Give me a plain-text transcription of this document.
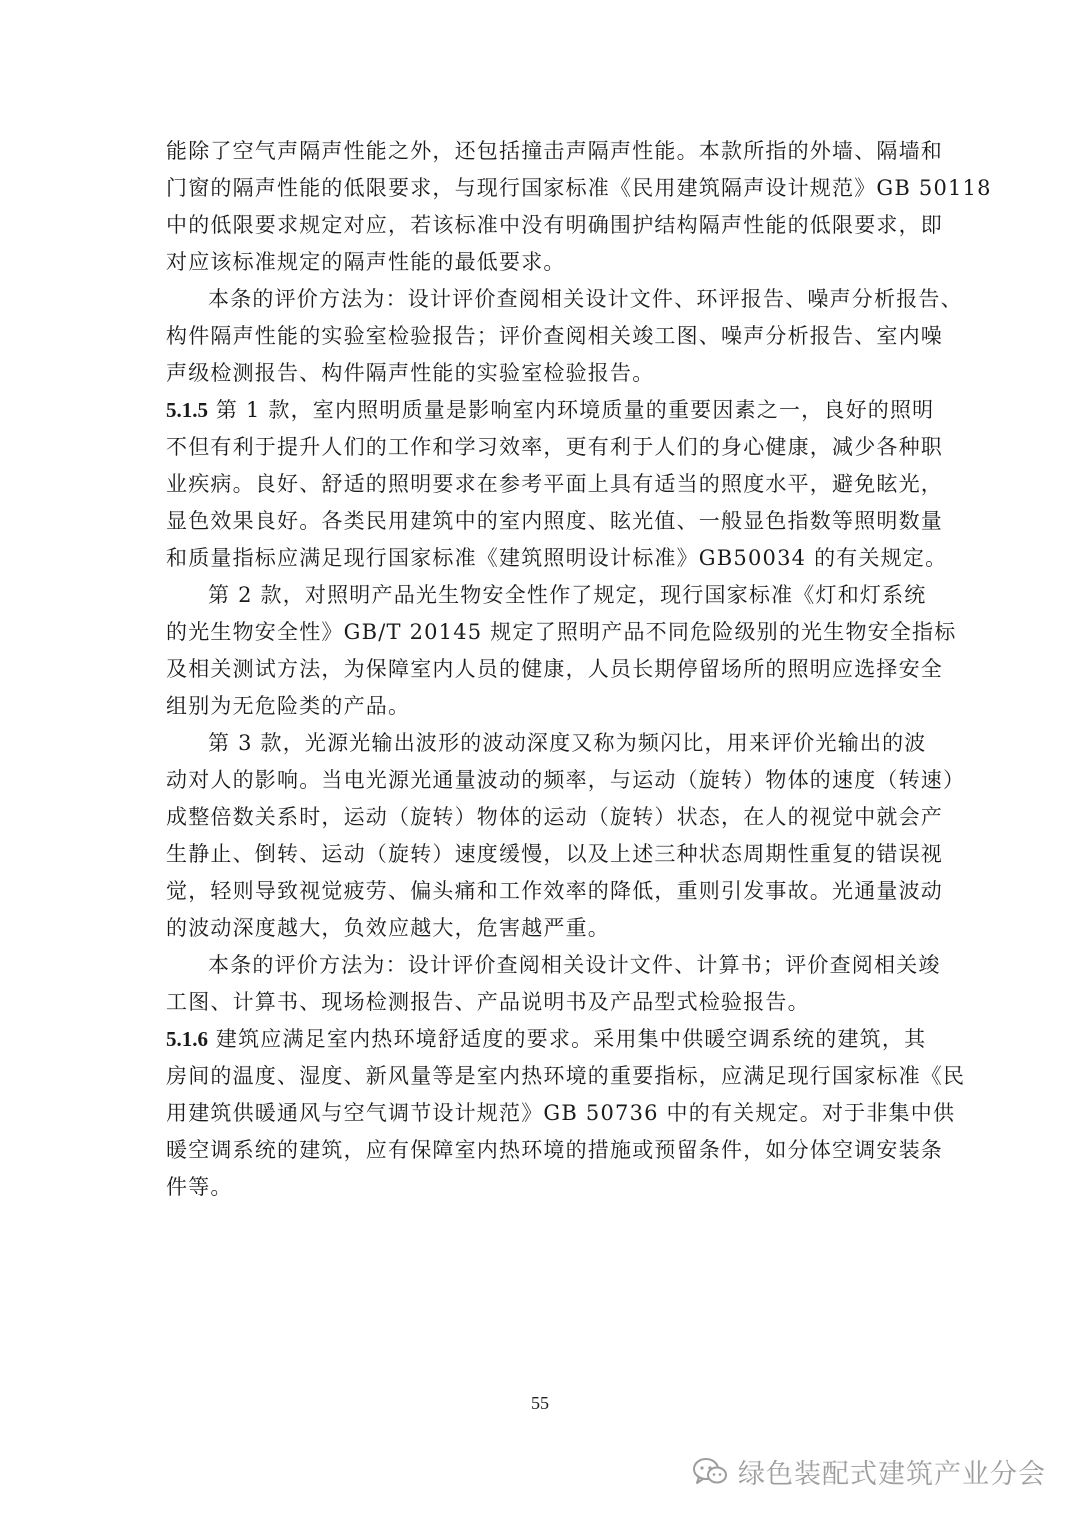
能除了空气声隔声性能之外，还包括撞击声隔声性能。本款所指的外墙、隔墙和
门窗的隔声性能的低限要求，与现行国家标准《民用建筑隔声设计规范》GB 50118
中的低限要求规定对应，若该标准中没有明确围护结构隔声性能的低限要求，即
对应该标准规定的隔声性能的最低要求。
本条的评价方法为：设计评价查阅相关设计文件、环评报告、噪声分析报告、
构件隔声性能的实验室检验报告；评价查阅相关竣工图、噪声分析报告、室内噪
声级检测报告、构件隔声性能的实验室检验报告。
5.1.5 第 1 款，室内照明质量是影响室内环境质量的重要因素之一，良好的照明
不但有利于提升人们的工作和学习效率，更有利于人们的身心健康，减少各种职
业疾病。良好、舒适的照明要求在参考平面上具有适当的照度水平，避免眩光，
显色效果良好。各类民用建筑中的室内照度、眩光值、一般显色指数等照明数量
和质量指标应满足现行国家标准《建筑照明设计标准》GB50034 的有关规定。
第 2 款，对照明产品光生物安全性作了规定，现行国家标准《灯和灯系统
的光生物安全性》GB/T 20145 规定了照明产品不同危险级别的光生物安全指标
及相关测试方法，为保障室内人员的健康，人员长期停留场所的照明应选择安全
组别为无危险类的产品。
第 3 款，光源光输出波形的波动深度又称为频闪比，用来评价光输出的波
动对人的影响。当电光源光通量波动的频率，与运动（旋转）物体的速度（转速）
成整倍数关系时，运动（旋转）物体的运动（旋转）状态，在人的视觉中就会产
生静止、倒转、运动（旋转）速度缓慢，以及上述三种状态周期性重复的错误视
觉，轻则导致视觉疲劳、偏头痛和工作效率的降低，重则引发事故。光通量波动
的波动深度越大，负效应越大，危害越严重。
本条的评价方法为：设计评价查阅相关设计文件、计算书；评价查阅相关竣
工图、计算书、现场检测报告、产品说明书及产品型式检验报告。
5.1.6 建筑应满足室内热环境舒适度的要求。采用集中供暖空调系统的建筑，其
房间的温度、湿度、新风量等是室内热环境的重要指标，应满足现行国家标准《民
用建筑供暖通风与空气调节设计规范》GB 50736 中的有关规定。对于非集中供
暖空调系统的建筑，应有保障室内热环境的措施或预留条件，如分体空调安装条
件等。
55
绿色装配式建筑产业分会
